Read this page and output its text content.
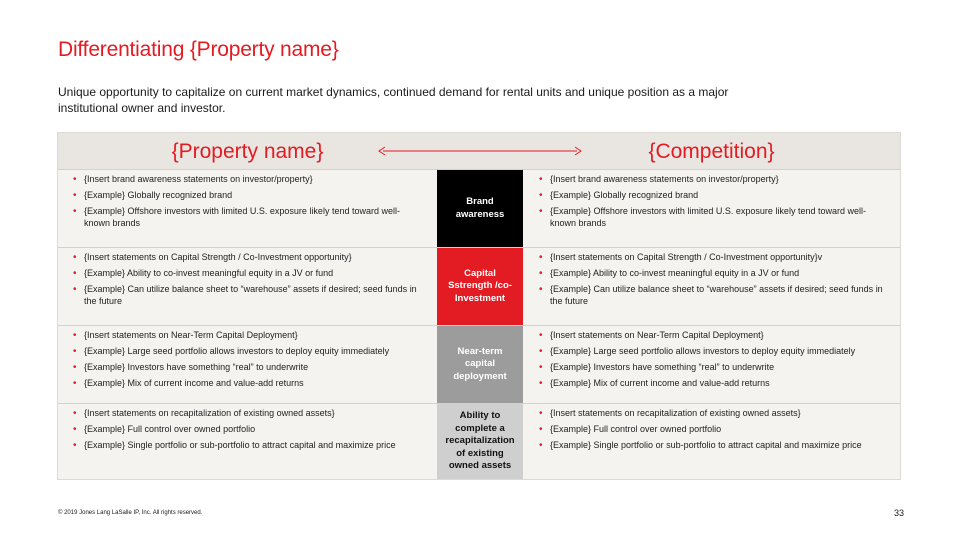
Differentiating {Property name}
Unique opportunity to capitalize on current market dynamics, continued demand for rental units and unique position as a major institutional owner and investor.
{Property name}	{Competition}
• {Insert brand awareness statements on investor/property}
• {Example} Globally recognized brand
• {Example} Offshore investors with limited U.S. exposure likely tend toward well-known brands
Brand awareness
• {Insert brand awareness statements on investor/property}
• {Example} Globally recognized brand
• {Example} Offshore investors with limited U.S. exposure likely tend toward well-known brands
• {Insert statements on Capital Strength / Co-Investment opportunity}
• {Example} Ability to co-invest meaningful equity in a JV or fund
• {Example} Can utilize balance sheet to “warehouse” assets if desired; seed funds in the future
Capital Sstrength /co-Investment
• {Insert statements on Capital Strength / Co-Investment opportunity}v
• {Example} Ability to co-invest meaningful equity in a JV or fund
• {Example} Can utilize balance sheet to “warehouse” assets if desired; seed funds in the future
• {Insert statements on Near-Term Capital Deployment}
• {Example} Large seed portfolio allows investors to deploy equity immediately
• {Example} Investors have something “real” to underwrite
• {Example} Mix of current income and value-add returns
Near-term capital deployment
• {Insert statements on Near-Term Capital Deployment}
• {Example} Large seed portfolio allows investors to deploy equity immediately
• {Example} Investors have something “real” to underwrite
• {Example} Mix of current income and value-add returns
• {Insert statements on recapitalization of existing owned assets}
• {Example} Full control over owned portfolio
• {Example} Single portfolio or sub-portfolio to attract capital and maximize price
Ability to complete a recapitalization of existing owned assets
• {Insert statements on recapitalization of existing owned assets}
• {Example} Full control over owned portfolio
• {Example} Single portfolio or sub-portfolio to attract capital and maximize price
© 2019 Jones Lang LaSalle IP, Inc. All rights reserved.	33
